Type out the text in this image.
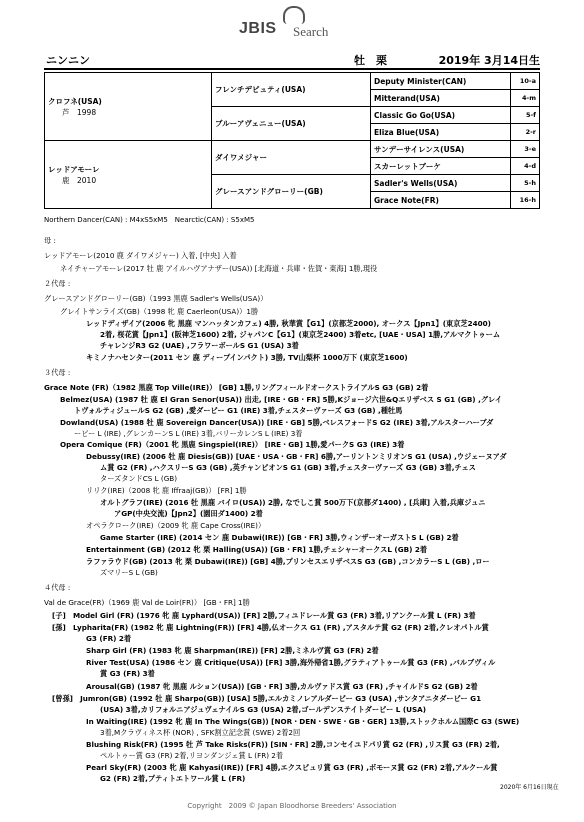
JBIS Search
ニンニン	牡　栗	2019年 3月14日生
クロフネ(USA)
芦　1998	フレンチデピュティ(USA)	Deputy Minister(CAN)	10-a
		Mitterand(USA)	4-m
	ブルーアヴェニュー(USA)	Classic Go Go(USA)	5-f
		Eliza Blue(USA)	2-r

レッドアモーレ
鹿　2010	ダイワメジャー	サンデーサイレンス(USA)	3-e
		スカーレットブーケ	4-d
	グレースアンドグローリー(GB)	Sadler's Wells(USA)	5-h
		Grace Note(FR)	16-h
Northern Dancer(CAN) : M4xS5xM5　Nearctic(CAN) : S5xM5
母 :
レッドアモーレ(2010 鹿 ダイワメジャー) 入着, [中央] 入着
ネイチャーアモーレ(2017 牡 鹿 アイルハヴアナザー(USA)) [北海道・兵庫・佐賀・東海] 1勝,現役
２代母 :
グレースアンドグローリー(GB)（1993 黒鹿 Sadler's Wells(USA)）
グレイトサンライズ(GB)（1998 牝 鹿 Caerleon(USA)）1勝
レッドディザイア(2006 牝 黒鹿 マンハッタンカフェ) 4勝, 秋華賞【G1】(京都芝2000), オークス【Jpn1】(東京芝2400)
2着, 桜花賞【Jpn1】(阪神芝1600) 2着, ジャパンC【G1】(東京芝2400) 3着etc, [UAE・USA] 1勝,アルマクトゥーム
チャレンジR3 G2 (UAE) ,フラワーボールS G1 (USA) 3着
キミノナハセンター(2011 セン 鹿 ディープインパクト) 3勝, TV山梨杯 1000万下 (東京芝1600)
３代母 :
Grace Note (FR)（1982 黒鹿 Top Ville(IRE)） [GB] 1勝,リングフィールドオークストライアルS G3 (GB) 2着
Belmez(USA) (1987 牡 鹿 El Gran Senor(USA)) 出走, [IRE・GB・FR] 5勝,Kジョージ六世&Qエリザベス S G1 (GB) ,グレイ
トヴォルティジュールS G2 (GB) ,愛ダービー G1 (IRE) 3着,チェスターヴァーズ G3 (GB) ,種牡馬
Dowland(USA) (1988 牡 鹿 Sovereign Dancer(USA)) [IRE・GB] 5勝,ベレスフォードS G2 (IRE) 3着,アルスターハーブダ
ービー L (IRE) ,グレンカーンS L (IRE) 3着,バリーカレンS L (IRE) 3着
Opera Comique (FR)（2001 牝 黒鹿 Singspiel(IRE)） [IRE・GB] 1勝,愛パークS G3 (IRE) 3着
Debussy(IRE) (2006 牡 鹿 Diesis(GB)) [UAE・USA・GB・FR] 6勝,アーリントンミリオンS G1 (USA) ,ウジェーヌアダ
ム賞 G2 (FR) ,ハクスリーS G3 (GB) ,英チャンピオンS G1 (GB) 3着,チェスターヴァーズ G3 (GB) 3着,チェス
ターズタンドCS L (GB)
リリク(IRE)（2008 牝 鹿 Iffraaj(GB)） [FR] 1勝
オルトグラフ(IRE) (2016 牡 黒鹿 バイロ(USA)) 2勝, なでしこ賞 500万下(京都ダ1400) , [兵庫] 入着,兵庫ジュニ
アGP(中央交流)【Jpn2】(園田ダ1400) 2着
オペラクローク(IRE)（2009 牝 鹿 Cape Cross(IRE)）
Game Starter (IRE) (2014 セン 鹿 Dubawi(IRE)) [GB・FR] 3勝,ウィンザーオーガストS L (GB) 2着
Entertainment (GB) (2012 牝 栗 Halling(USA)) [GB・FR] 1勝,チェシャーオークスL (GB) 2着
ラファラウド(GB) (2013 牝 栗 Dubawi(IRE)) [GB] 4勝,プリンセスエリザベスS G3 (GB) ,コンカラーS L (GB) ,ロー
ズマリーS L (GB)
４代母 :
Val de Grace(FR)（1969 鹿 Val de Loir(FR)） [GB・FR] 1勝
[子]　Model Girl (FR) (1976 牝 鹿 Lyphard(USA)) [FR] 2勝,フィユドレール賞 G3 (FR) 3着,リアンクール賞 L (FR) 3着
[孫]　Lypharita(FR) (1982 牝 鹿 Lightning(FR)) [FR] 4勝,仏オークス G1 (FR) ,アスタルテ賞 G2 (FR) 2着,クレオパトル賞
G3 (FR) 2着
Sharp Girl (FR) (1983 牝 鹿 Sharpman(IRE)) [FR] 2勝,ミネルヴ賞 G3 (FR) 2着
River Test(USA) (1986 セン 鹿 Critique(USA)) [FR] 3勝,海外帰省1勝,グラティアトゥール賞 G3 (FR) ,バルブヴィル
賞 G3 (FR) 3着
Arousal(GB) (1987 牝 黒鹿 ルション(USA)) [GB・FR] 3勝,カルヴァドス賞 G3 (FR) ,チャイルドS G2 (GB) 2着
[曾孫]　Jumron(GB) (1992 牡 鹿 Sharpo(GB)) [USA] 5勝,エルカミノレアルダービー G3 (USA) ,サンタアニタダービー G1
(USA) 3着,カリフォルニアジュヴェナイルS G3 (USA) 2着,ゴールデンステイトダービー L (USA)
In Waiting(IRE) (1992 牝 鹿 In The Wings(GB)) [NOR・DEN・SWE・GB・GER] 13勝,ストックホルム国際C G3 (SWE)
3着,Mクラヴィネス杯 (NOR) , SFK割立記念賞 (SWE) 2着2回
Blushing Risk(FR) (1995 牡 芦 Take Risks(FR)) [SIN・FR] 2勝,コンセイユドパリ賞 G2 (FR) ,リス賞 G3 (FR) 2着,
ペルトゥー賞 G3 (FR) 2着,リヨンダンジェ賞 L (FR) 2着
Pearl Sky(FR) (2003 牝 鹿 Kahyasi(IRE)) [FR] 4勝,エクスビュリ賞 G3 (FR) ,ボモーヌ賞 G2 (FR) 2着,アルクール賞
G2 (FR) 2着,プティトエトワール賞 L (FR)
2020年 6月16日現在
Copyright　2009 © Japan Bloodhorse Breeders' Association
